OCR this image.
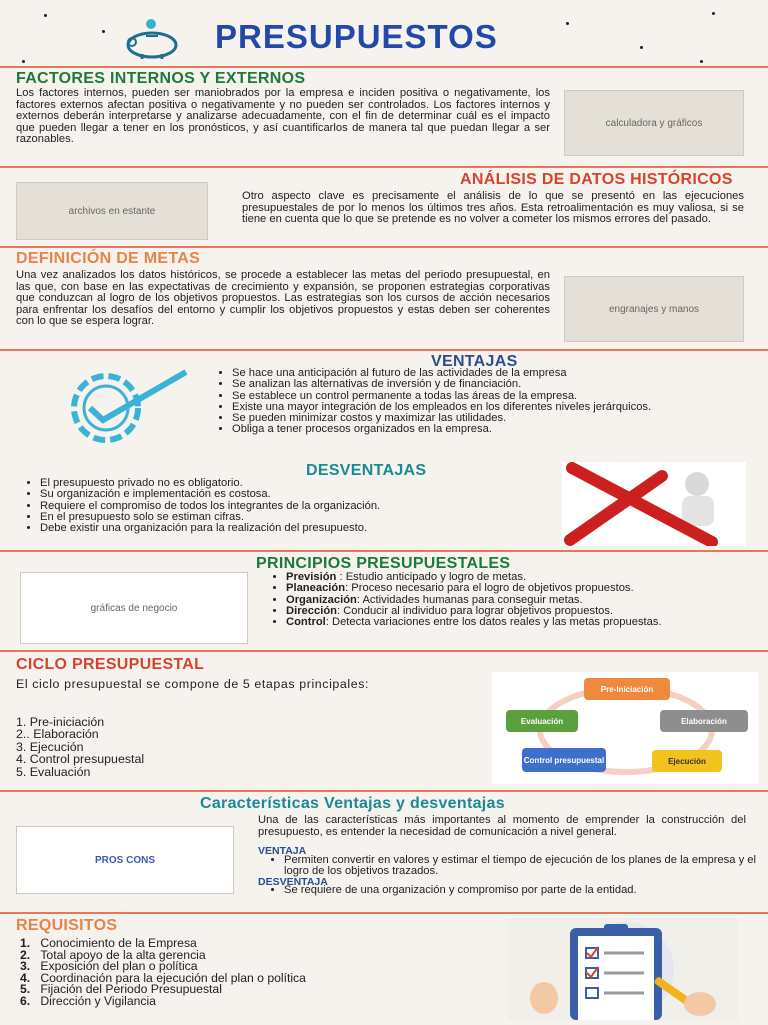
PRESUPUESTOS
FACTORES INTERNOS Y EXTERNOS

Los factores internos, pueden ser maniobrados por la empresa e inciden positiva o negativamente, los factores externos afectan positiva o negativamente y no pueden ser controlados. Los factores internos y externos deberán interpretarse y analizarse adecuadamente, con el fin de determinar cuál es el impacto que pueden llegar a tener en los pronósticos, y así cuantificarlos de manera tal que puedan llegar a ser razonables.

calculadora y gráficos
ANÁLISIS DE DATOS HISTÓRICOS
archivos en estante

Otro aspecto clave es precisamente el análisis de lo que se presentó en las ejecuciones presupuestales de por lo menos los últimos tres años. Esta retroalimentación es muy valiosa, si se tiene en cuenta que lo que se pretende es no volver a cometer los mismos errores del pasado.

DEFINICIÓN DE METAS

Una vez analizados los datos históricos, se procede a establecer las metas del periodo presupuestal, en las que, con base en las expectativas de crecimiento y expansión, se proponen estrategias corporativas que conduzcan al logro de los objetivos propuestos. Las estrategias son los cursos de acción necesarios para enfrentar los desafíos del entorno y cumplir los objetivos propuestos y estas deben ser coherentes con lo que se espera lograr.

engranajes y manos
VENTAJAS
• Se hace una anticipación al futuro de las actividades de la empresa
• Se analizan las alternativas de inversión y de financiación.
• Se establece un control permanente a todas las áreas de la empresa.
• Existe una mayor integración de los empleados en los diferentes niveles jerárquicos.
• Se pueden minimizar costos y maximizar las utilidades.
• Obliga a tener procesos organizados en la empresa.
DESVENTAJAS
• El presupuesto privado no es obligatorio.
• Su organización e implementación es costosa.
• Requiere el compromiso de todos los integrantes de la organización.
• En el presupuesto solo se estiman cifras.
• Debe existir una organización para la realización del presupuesto.
PRINCIPIOS PRESUPUESTALES
gráficas de negocio
• Previsión : Estudio anticipado y logro de metas.
• Planeación: Proceso necesario para el logro de objetivos propuestos.
• Organización: Actividades humanas para conseguir metas.
• Dirección: Conducir al individuo para lograr objetivos propuestos.
• Control: Detecta variaciones entre los datos reales y las metas propuestas.
CICLO PRESUPUESTAL

El ciclo presupuestal se compone de 5 etapas principales:

1. Pre-iniciación
2.. Elaboración
3. Ejecución
4. Control presupuestal
5. Evaluación
Pre-Iniciación
Elaboración
Evaluación
Ejecución
Control presupuestal
Características Ventajas y desventajas
PROS CONS

Una de las características más importantes al momento de emprender la construcción del presupuesto, es entender la necesidad de comunicación a nivel general.

VENTAJA
• Permiten convertir en valores y estimar el tiempo de ejecución de los planes de la empresa y el logro de los objetivos trazados.
DESVENTAJA
• Se requiere de una organización y compromiso por parte de la entidad.
REQUISITOS
1. Conocimiento de la Empresa
2. Total apoyo de la alta gerencia
3. Exposición del plan o política
4. Coordinación para la ejecución del plan o política
5. Fijación del Periodo Presupuestal
6. Dirección y Vigilancia
